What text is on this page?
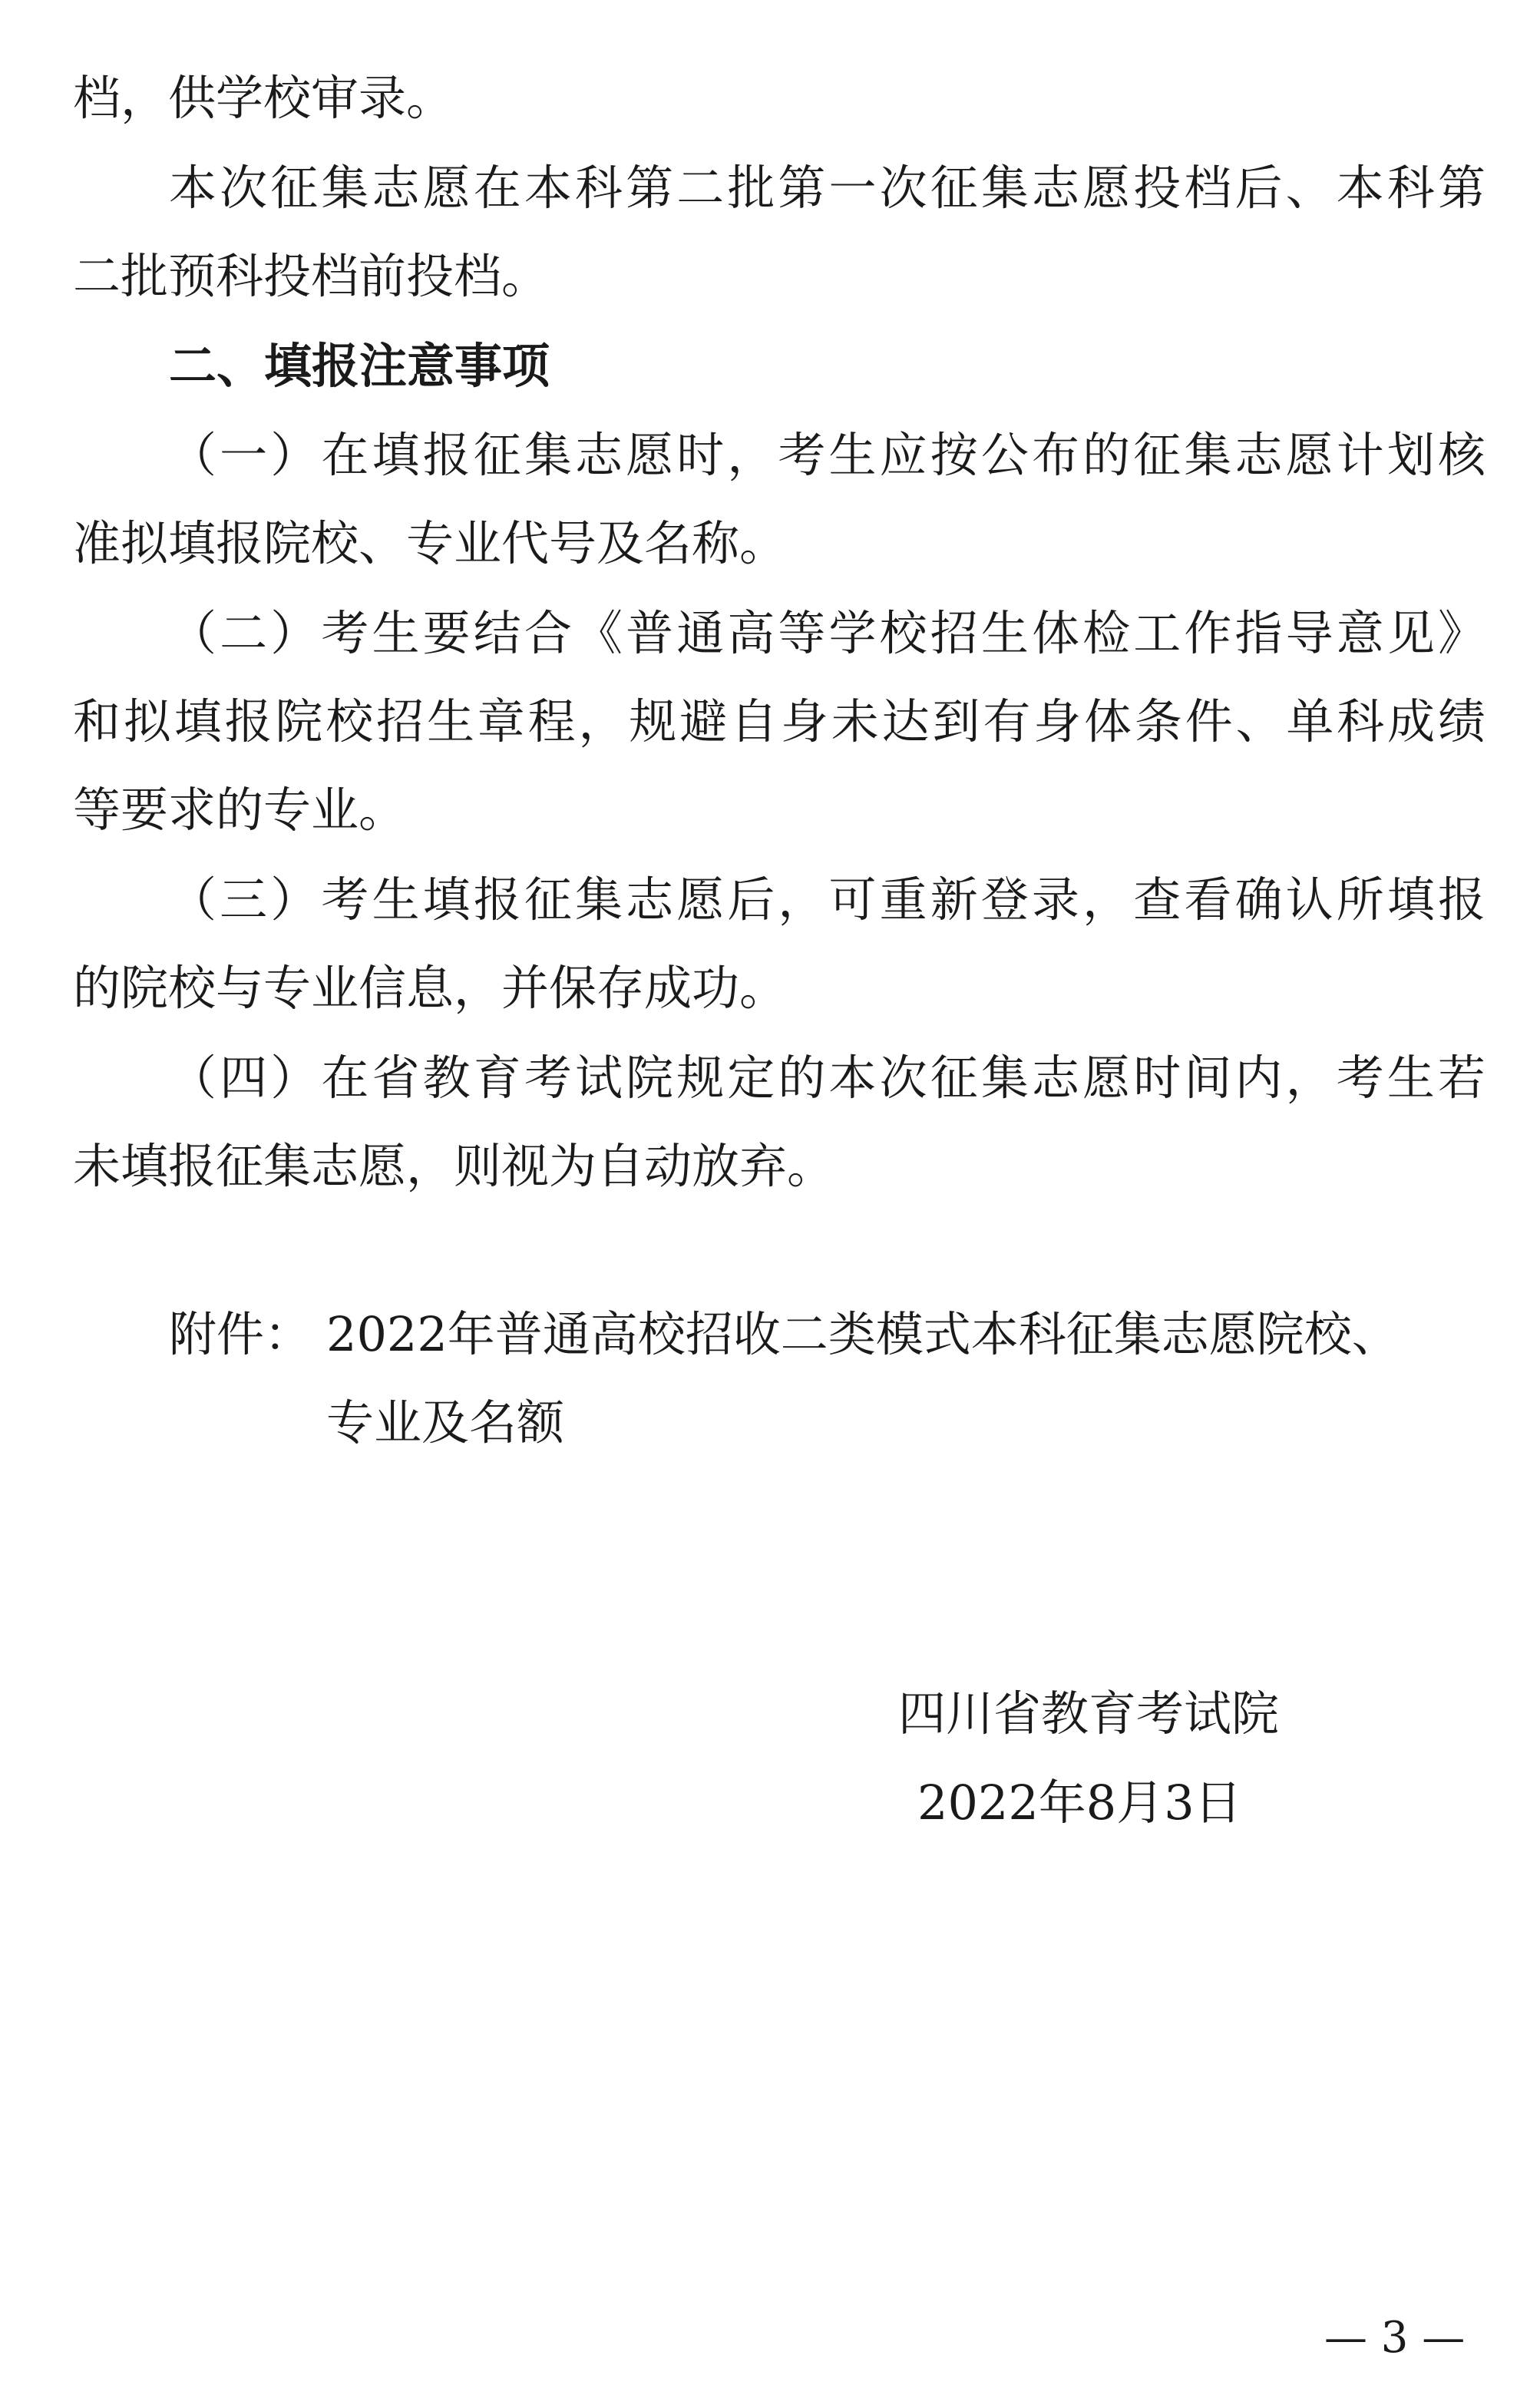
档，供学校审录。
本次征集志愿在本科第二批第一次征集志愿投档后、本科第
二批预科投档前投档。
二、填报注意事项
（一）在填报征集志愿时，考生应按公布的征集志愿计划核
准拟填报院校、专业代号及名称。
（二）考生要结合《普通高等学校招生体检工作指导意见》
和拟填报院校招生章程，规避自身未达到有身体条件、单科成绩
等要求的专业。
（三）考生填报征集志愿后，可重新登录，查看确认所填报
的院校与专业信息，并保存成功。
（四）在省教育考试院规定的本次征集志愿时间内，考生若
未填报征集志愿，则视为自动放弃。
附件： 2022年普通高校招收二类模式本科征集志愿院校、
专业及名额
四川省教育考试院
2022年8月3日
— 3 —
